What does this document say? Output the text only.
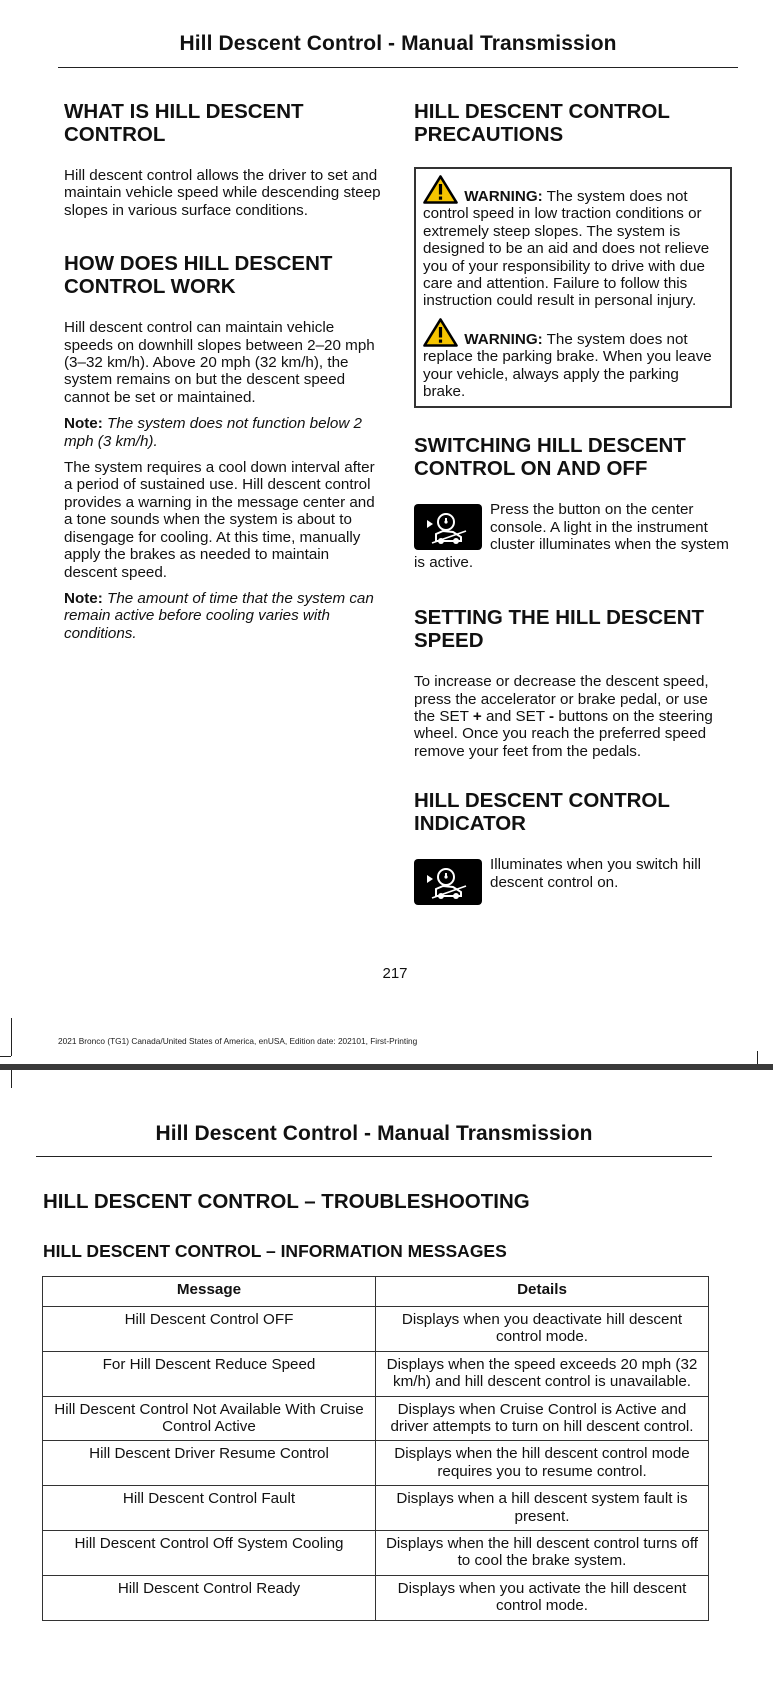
Hill Descent Control - Manual Transmission
WHAT IS HILL DESCENT CONTROL

Hill descent control allows the driver to set and maintain vehicle speed while descending steep slopes in various surface conditions.

HOW DOES HILL DESCENT CONTROL WORK

Hill descent control can maintain vehicle speeds on downhill slopes between 2–20 mph (3–32 km/h). Above 20 mph (32 km/h), the system remains on but the descent speed cannot be set or maintained.

Note: The system does not function below 2 mph (3 km/h).

The system requires a cool down interval after a period of sustained use. Hill descent control provides a warning in the message center and a tone sounds when the system is about to disengage for cooling. At this time, manually apply the brakes as needed to maintain descent speed.

Note: The amount of time that the system can remain active before cooling varies with conditions.

HILL DESCENT CONTROL PRECAUTIONS

WARNING: The system does not control speed in low traction conditions or extremely steep slopes. The system is designed to be an aid and does not relieve you of your responsibility to drive with due care and attention. Failure to follow this instruction could result in personal injury.

WARNING: The system does not replace the parking brake. When you leave your vehicle, always apply the parking brake.

SWITCHING HILL DESCENT CONTROL ON AND OFF

Press the button on the center console. A light in the instrument cluster illuminates when the system is active.

SETTING THE HILL DESCENT SPEED

To increase or decrease the descent speed, press the accelerator or brake pedal, or use the SET + and SET - buttons on the steering wheel. Once you reach the preferred speed remove your feet from the pedals.

HILL DESCENT CONTROL INDICATOR

Illuminates when you switch hill descent control on.

217
2021 Bronco (TG1) Canada/United States of America, enUSA, Edition date: 202101, First-Printing
Hill Descent Control - Manual Transmission
HILL DESCENT CONTROL – TROUBLESHOOTING
HILL DESCENT CONTROL – INFORMATION MESSAGES
Message	Details
Hill Descent Control OFF	Displays when you deactivate hill descent control mode.
For Hill Descent Reduce Speed	Displays when the speed exceeds 20 mph (32 km/h) and hill descent control is unavailable.
Hill Descent Control Not Available With Cruise Control Active	Displays when Cruise Control is Active and driver attempts to turn on hill descent control.
Hill Descent Driver Resume Control	Displays when the hill descent control mode requires you to resume control.
Hill Descent Control Fault	Displays when a hill descent system fault is present.
Hill Descent Control Off System Cooling	Displays when the hill descent control turns off to cool the brake system.
Hill Descent Control Ready	Displays when you activate the hill descent control mode.
